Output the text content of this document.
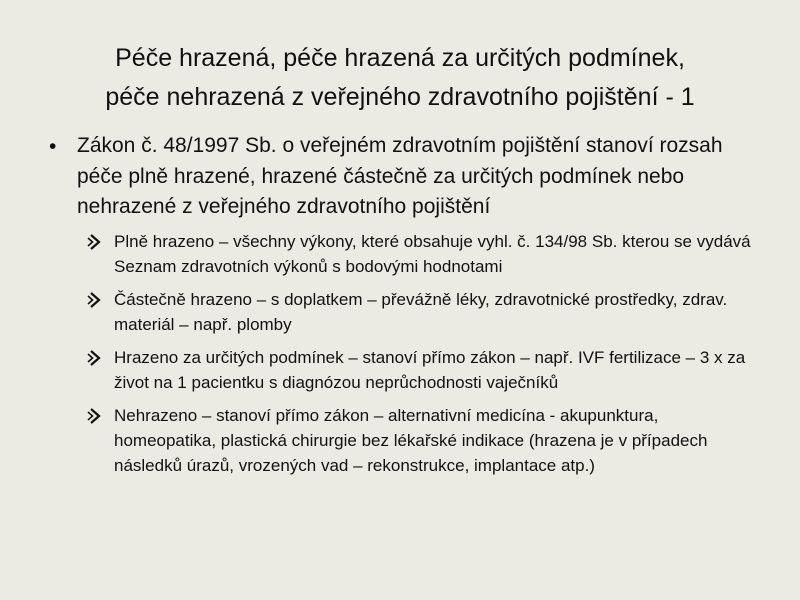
Péče hrazená, péče hrazená za určitých podmínek,
péče nehrazená z veřejného zdravotního pojištění - 1
• Zákon č. 48/1997 Sb. o veřejném zdravotním pojištění stanoví rozsah péče plně hrazené, hrazené částečně za určitých podmínek nebo nehrazené z veřejného zdravotního pojištění
Plně hrazeno – všechny výkony, které obsahuje vyhl. č. 134/98 Sb. kterou se vydává Seznam zdravotních výkonů s bodovými hodnotami
Částečně hrazeno – s doplatkem – převážně léky, zdravotnické prostředky, zdrav. materiál – např. plomby
Hrazeno za určitých podmínek – stanoví přímo zákon – např. IVF fertilizace – 3 x za život na 1 pacientku s diagnózou neprůchodnosti vaječníků
Nehrazeno – stanoví přímo zákon – alternativní medicína - akupunktura, homeopatika, plastická chirurgie bez lékařské indikace (hrazena je v případech následků úrazů, vrozených vad – rekonstrukce, implantace atp.)
